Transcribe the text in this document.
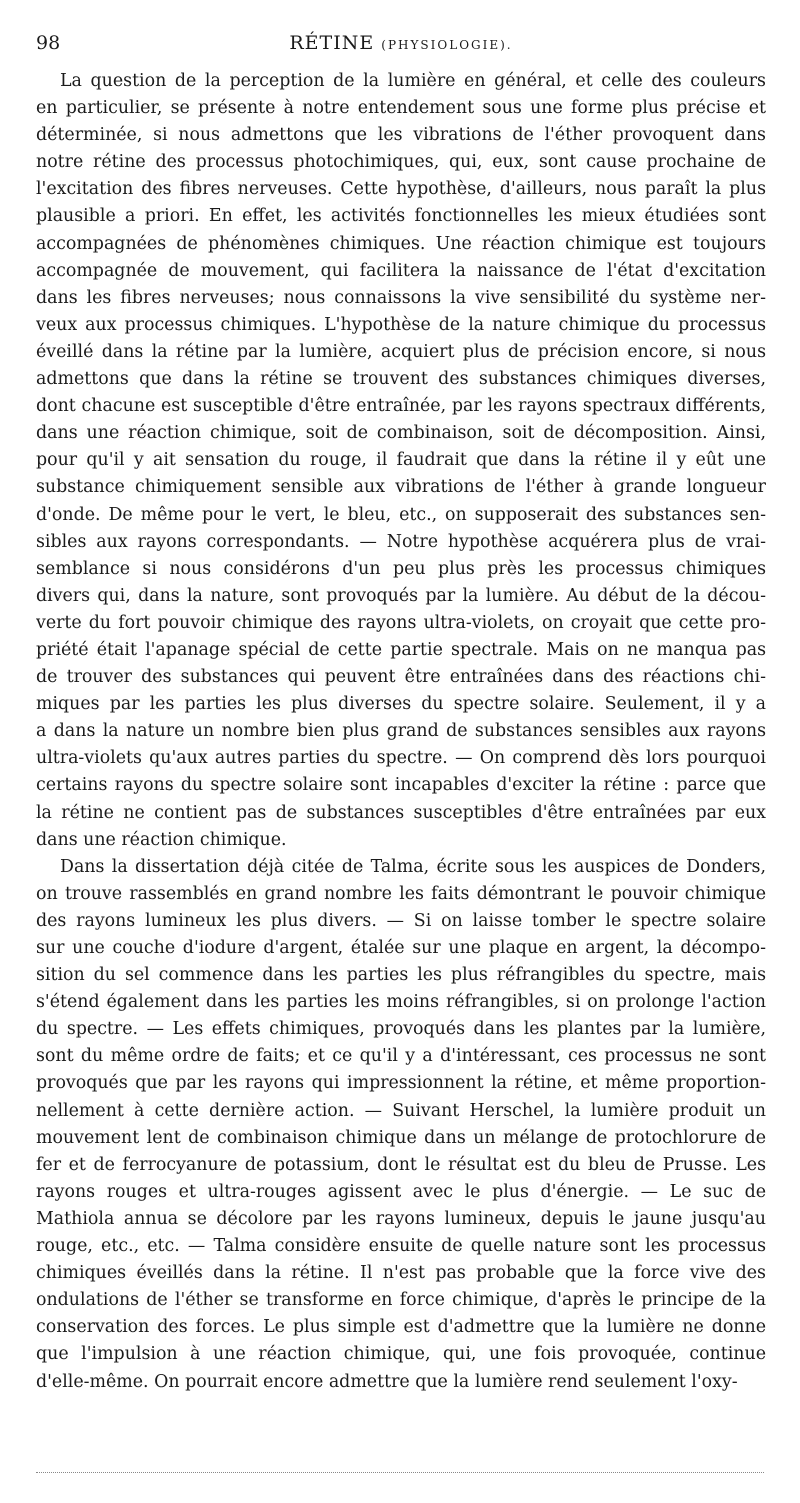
98	RÉTINE (PHYSIOLOGIE).
La question de la perception de la lumière en général, et celle des couleurs
en particulier, se présente à notre entendement sous une forme plus précise et
déterminée, si nous admettons que les vibrations de l'éther provoquent dans
notre rétine des processus photochimiques, qui, eux, sont cause prochaine de
l'excitation des fibres nerveuses. Cette hypothèse, d'ailleurs, nous paraît la plus
plausible a priori. En effet, les activités fonctionnelles les mieux étudiées sont
accompagnées de phénomènes chimiques. Une réaction chimique est toujours
accompagnée de mouvement, qui facilitera la naissance de l'état d'excitation
dans les fibres nerveuses; nous connaissons la vive sensibilité du système ner-
veux aux processus chimiques. L'hypothèse de la nature chimique du processus
éveillé dans la rétine par la lumière, acquiert plus de précision encore, si nous
admettons que dans la rétine se trouvent des substances chimiques diverses,
dont chacune est susceptible d'être entraînée, par les rayons spectraux différents,
dans une réaction chimique, soit de combinaison, soit de décomposition. Ainsi,
pour qu'il y ait sensation du rouge, il faudrait que dans la rétine il y eût une
substance chimiquement sensible aux vibrations de l'éther à grande longueur
d'onde. De même pour le vert, le bleu, etc., on supposerait des substances sen-
sibles aux rayons correspondants. — Notre hypothèse acquérera plus de vrai-
semblance si nous considérons d'un peu plus près les processus chimiques
divers qui, dans la nature, sont provoqués par la lumière. Au début de la décou-
verte du fort pouvoir chimique des rayons ultra-violets, on croyait que cette pro-
priété était l'apanage spécial de cette partie spectrale. Mais on ne manqua pas
de trouver des substances qui peuvent être entraînées dans des réactions chi-
miques par les parties les plus diverses du spectre solaire. Seulement, il y a
a dans la nature un nombre bien plus grand de substances sensibles aux rayons
ultra-violets qu'aux autres parties du spectre. — On comprend dès lors pourquoi
certains rayons du spectre solaire sont incapables d'exciter la rétine : parce que
la rétine ne contient pas de substances susceptibles d'être entraînées par eux
dans une réaction chimique.
Dans la dissertation déjà citée de Talma, écrite sous les auspices de Donders,
on trouve rassemblés en grand nombre les faits démontrant le pouvoir chimique
des rayons lumineux les plus divers. — Si on laisse tomber le spectre solaire
sur une couche d'iodure d'argent, étalée sur une plaque en argent, la décompo-
sition du sel commence dans les parties les plus réfrangibles du spectre, mais
s'étend également dans les parties les moins réfrangibles, si on prolonge l'action
du spectre. — Les effets chimiques, provoqués dans les plantes par la lumière,
sont du même ordre de faits; et ce qu'il y a d'intéressant, ces processus ne sont
provoqués que par les rayons qui impressionnent la rétine, et même proportion-
nellement à cette dernière action. — Suivant Herschel, la lumière produit un
mouvement lent de combinaison chimique dans un mélange de protochlorure de
fer et de ferrocyanure de potassium, dont le résultat est du bleu de Prusse. Les
rayons rouges et ultra-rouges agissent avec le plus d'énergie. — Le suc de
Mathiola annua se décolore par les rayons lumineux, depuis le jaune jusqu'au
rouge, etc., etc. — Talma considère ensuite de quelle nature sont les processus
chimiques éveillés dans la rétine. Il n'est pas probable que la force vive des
ondulations de l'éther se transforme en force chimique, d'après le principe de la
conservation des forces. Le plus simple est d'admettre que la lumière ne donne
que l'impulsion à une réaction chimique, qui, une fois provoquée, continue
d'elle-même. On pourrait encore admettre que la lumière rend seulement l'oxy-
